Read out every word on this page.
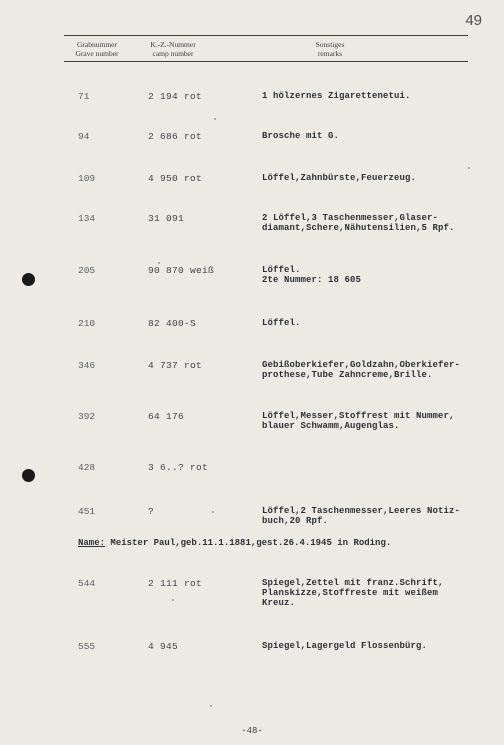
49
Grabnummer
Grave number
K.-Z.-Nummer
camp number
Sonstiges
remarks
71	2 194 rot	1 hölzernes Zigarettenetui.
94	2 686 rot	Brosche mit G.
109	4 950 rot	Löffel,Zahnbürste,Feuerzeug.
134	31 091	2 Löffel,3 Taschenmesser,Glaser-
diamant,Schere,Nähutensilien,5 Rpf.
205	90 870 weiß	Löffel.
2te Nummer: 18 605
210	82 400-S	Löffel.
346	4 737 rot	Gebißoberkiefer,Goldzahn,Oberkiefer-
prothese,Tube Zahncreme,Brille.
392	64 176	Löffel,Messer,Stoffrest mit Nummer,
blauer Schwamm,Augenglas.
428	3 6..? rot
451	?	Löffel,2 Taschenmesser,Leeres Notiz-
buch,20 Rpf.
544	2 111 rot	Spiegel,Zettel mit franz.Schrift,
Planskizze,Stoffreste mit weißem
Kreuz.
555	4 945	Spiegel,Lagergeld Flossenbürg.
Name: Meister Paul,geb.11.1.1881,gest.26.4.1945 in Roding.
-48-
